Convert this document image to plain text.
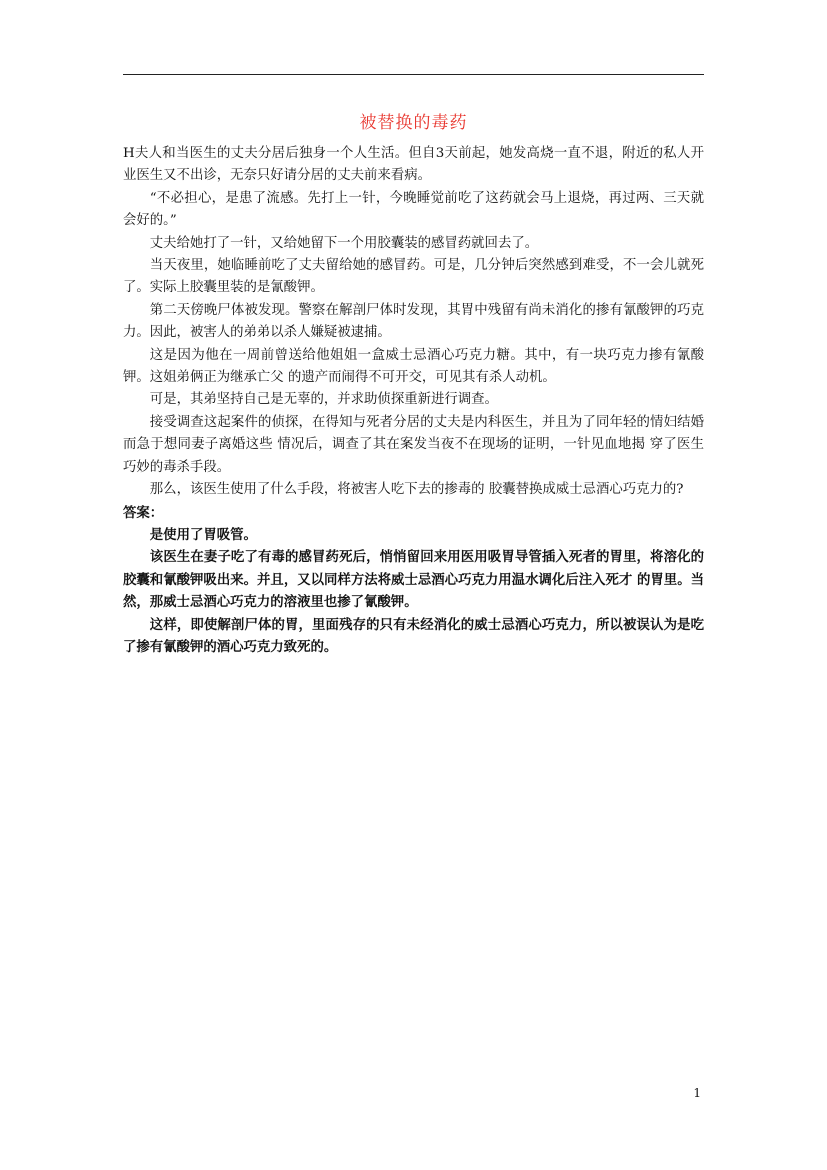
被替换的毒药

H夫人和当医生的丈夫分居后独身一个人生活。但自3天前起，她发高烧一直不退，附近的私人开业医生又不出诊，无奈只好请分居的丈夫前来看病。

“不必担心，是患了流感。先打上一针，今晚睡觉前吃了这药就会马上退烧，再过两、三天就会好的。”

丈夫给她打了一针，又给她留下一个用胶囊装的感冒药就回去了。

当天夜里，她临睡前吃了丈夫留给她的感冒药。可是，几分钟后突然感到难受，不一会儿就死了。实际上胶囊里装的是氰酸钾。

第二天傍晚尸体被发现。警察在解剖尸体时发现，其胃中残留有尚未消化的掺有氰酸钾的巧克力。因此，被害人的弟弟以杀人嫌疑被逮捕。

这是因为他在一周前曾送给他姐姐一盒威士忌酒心巧克力糖。其中，有一块巧克力掺有氰酸钾。这姐弟俩正为继承亡父 的遗产而闹得不可开交，可见其有杀人动机。

可是，其弟坚持自己是无辜的，并求助侦探重新进行调查。

接受调查这起案件的侦探，在得知与死者分居的丈夫是内科医生，并且为了同年轻的情妇结婚而急于想同妻子离婚这些 情况后，调查了其在案发当夜不在现场的证明，一针见血地揭 穿了医生巧妙的毒杀手段。

那么，该医生使用了什么手段，将被害人吃下去的掺毒的 胶囊替换成威士忌酒心巧克力的?

答案：

是使用了胃吸管。

该医生在妻子吃了有毒的感冒药死后，悄悄留回来用医用吸胃导管插入死者的胃里，将溶化的胶囊和氰酸钾吸出来。并且，又以同样方法将威士忌酒心巧克力用温水调化后注入死才 的胃里。当然，那威士忌酒心巧克力的溶液里也掺了氰酸钾。

这样，即使解剖尸体的胃，里面残存的只有未经消化的威士忌酒心巧克力，所以被误认为是吃了掺有氰酸钾的酒心巧克力致死的。

1
